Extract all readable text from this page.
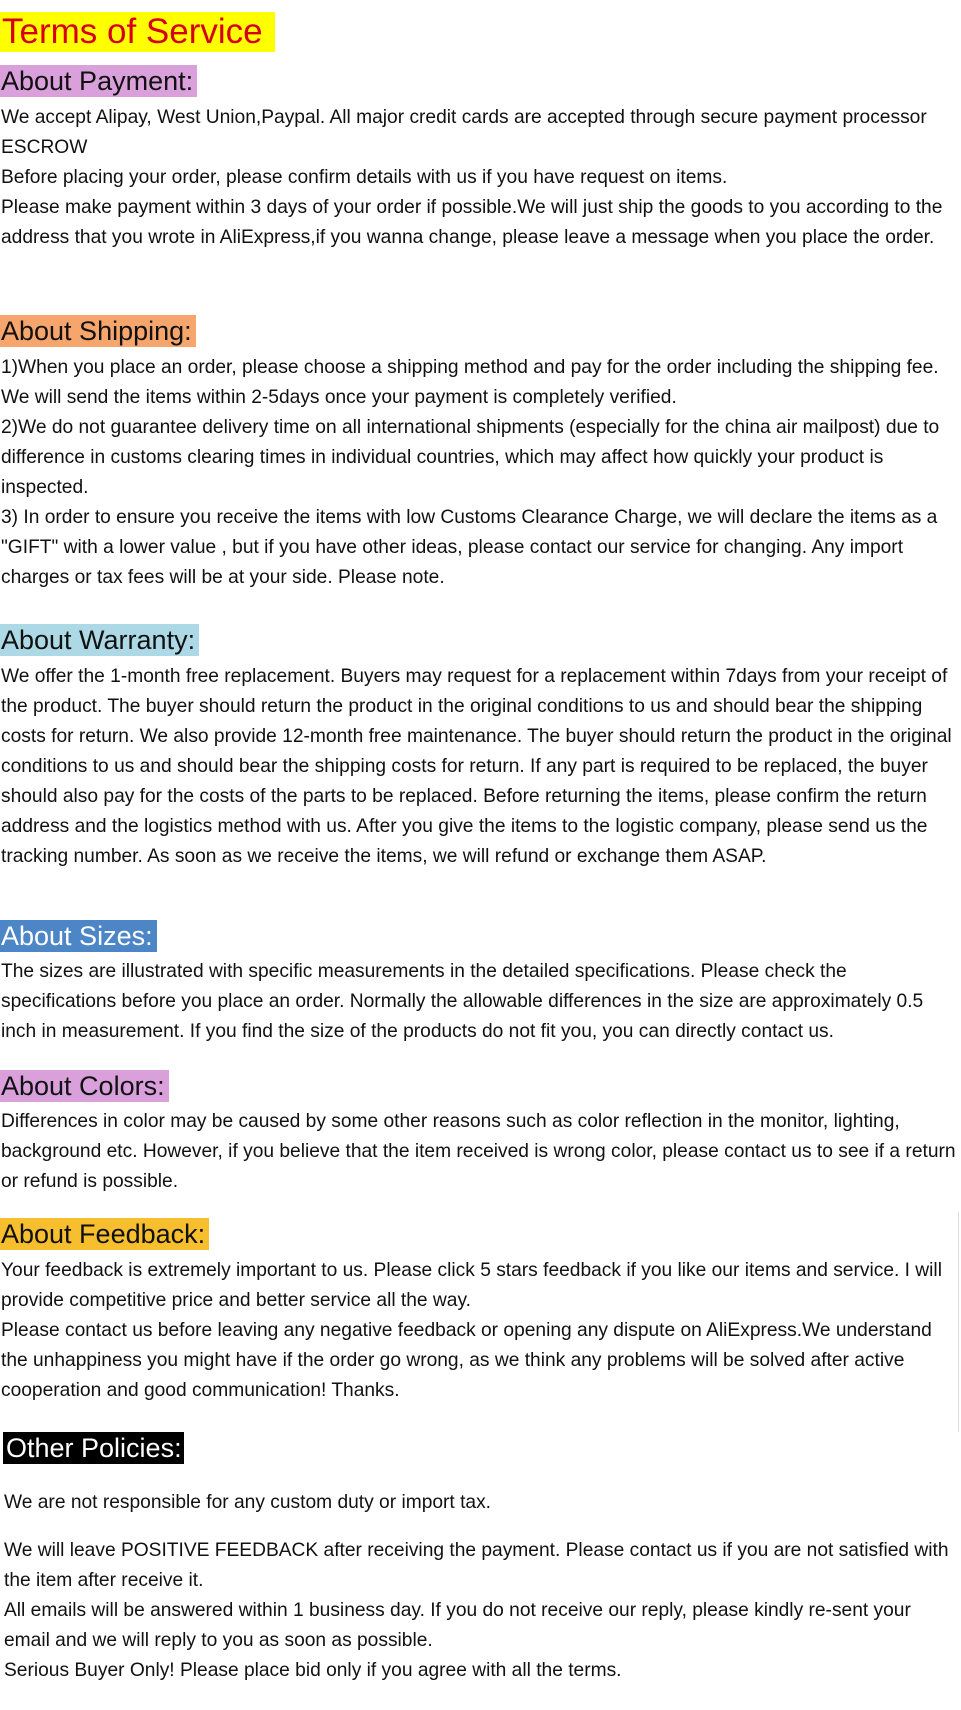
Terms of Service
About Payment:

We accept Alipay, West Union,Paypal. All major credit cards are accepted through secure payment processor ESCROW

Before placing your order, please confirm details with us if you have request on items.

Please make payment within 3 days of your order if possible.We will just ship the goods to you according to the address that you wrote in AliExpress,if you wanna change, please leave a message when you place the order.

About Shipping:

1)When you place an order, please choose a shipping method and pay for the order including the shipping fee. We will send the items within 2-5days once your payment is completely verified.

2)We do not guarantee delivery time on all international shipments (especially for the china air mailpost) due to difference in customs clearing times in individual countries, which may affect how quickly your product is inspected.

3) In order to ensure you receive the items with low Customs Clearance Charge, we will declare the items as a "GIFT" with a lower value , but if you have other ideas, please contact our service for changing. Any import charges or tax fees will be at your side. Please note.

About Warranty:

We offer the 1-month free replacement. Buyers may request for a replacement within 7days from your receipt of the product. The buyer should return the product in the original conditions to us and should bear the shipping costs for return. We also provide 12-month free maintenance. The buyer should return the product in the original conditions to us and should bear the shipping costs for return. If any part is required to be replaced, the buyer should also pay for the costs of the parts to be replaced. Before returning the items, please confirm the return address and the logistics method with us. After you give the items to the logistic company, please send us the tracking number. As soon as we receive the items, we will refund or exchange them ASAP.

About Sizes:

The sizes are illustrated with specific measurements in the detailed specifications. Please check the specifications before you place an order. Normally the allowable differences in the size are approximately 0.5 inch in measurement. If you find the size of the products do not fit you, you can directly contact us.

About Colors:

Differences in color may be caused by some other reasons such as color reflection in the monitor, lighting, background etc. However, if you believe that the item received is wrong color, please contact us to see if a return or refund is possible.

About Feedback:

Your feedback is extremely important to us. Please click 5 stars feedback if you like our items and service. I will provide competitive price and better service all the way.

Please contact us before leaving any negative feedback or opening any dispute on AliExpress.We understand the unhappiness you might have if the order go wrong, as we think any problems will be solved after active cooperation and good communication! Thanks.

Other Policies:

We are not responsible for any custom duty or import tax.

We will leave POSITIVE FEEDBACK after receiving the payment. Please contact us if you are not satisfied with the item after receive it.

All emails will be answered within 1 business day. If you do not receive our reply, please kindly re-sent your email and we will reply to you as soon as possible.

Serious Buyer Only! Please place bid only if you agree with all the terms.
